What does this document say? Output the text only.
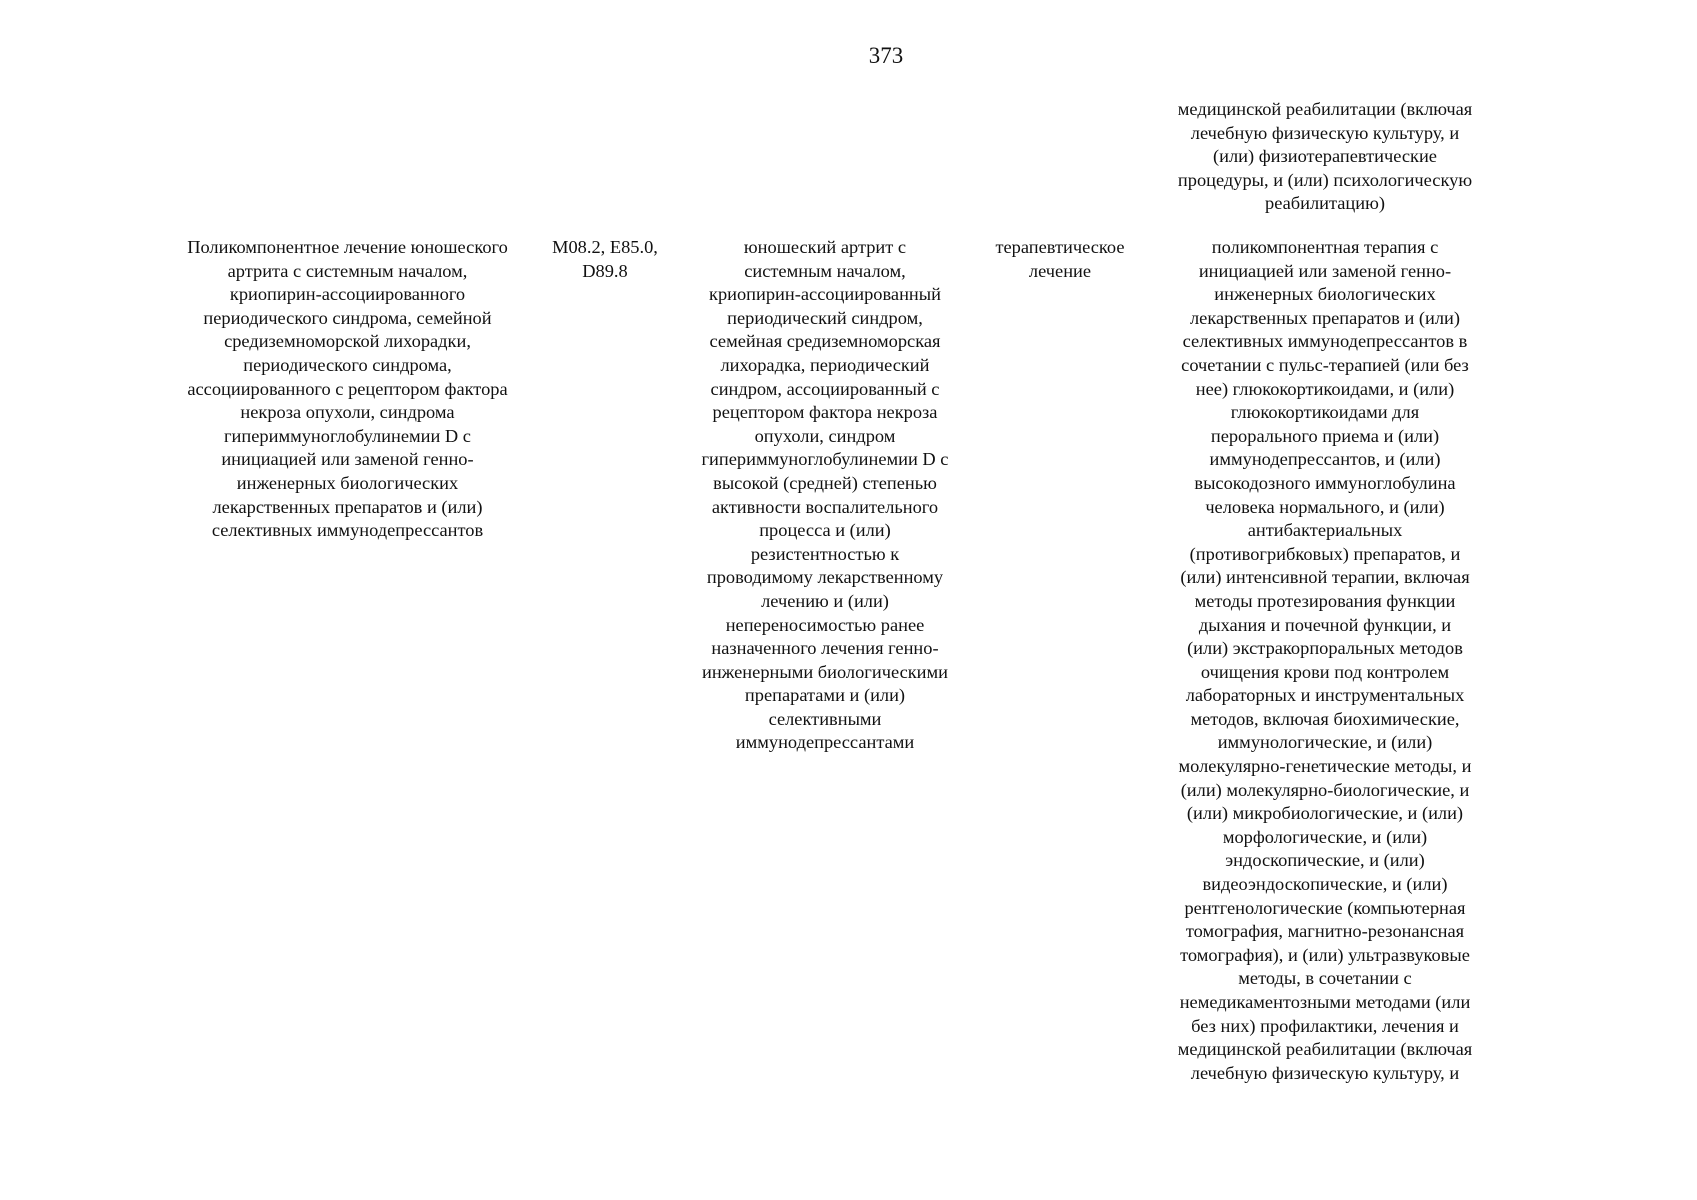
373
медицинской реабилитации (включая
лечебную физическую культуру, и
(или) физиотерапевтические
процедуры, и (или) психологическую
реабилитацию)
Поликомпонентное лечение юношеского
артрита с системным началом,
криопирин-ассоциированного
периодического синдрома, семейной
средиземноморской лихорадки,
периодического синдрома,
ассоциированного с рецептором фактора
некроза опухоли, синдрома
гипериммуноглобулинемии D с
инициацией или заменой генно-
инженерных биологических
лекарственных препаратов и (или)
селективных иммунодепрессантов
M08.2, E85.0,
D89.8
юношеский артрит с
системным началом,
криопирин-ассоциированный
периодический синдром,
семейная средиземноморская
лихорадка, периодический
синдром, ассоциированный с
рецептором фактора некроза
опухоли, синдром
гипериммуноглобулинемии D с
высокой (средней) степенью
активности воспалительного
процесса и (или)
резистентностью к
проводимому лекарственному
лечению и (или)
непереносимостью ранее
назначенного лечения генно-
инженерными биологическими
препаратами и (или)
селективными
иммунодепрессантами
терапевтическое
лечение
поликомпонентная терапия с
инициацией или заменой генно-
инженерных биологических
лекарственных препаратов и (или)
селективных иммунодепрессантов в
сочетании с пульс-терапией (или без
нее) глюкокортикоидами, и (или)
глюкокортикоидами для
перорального приема и (или)
иммунодепрессантов, и (или)
высокодозного иммуноглобулина
человека нормального, и (или)
антибактериальных
(противогрибковых) препаратов, и
(или) интенсивной терапии, включая
методы протезирования функции
дыхания и почечной функции, и
(или) экстракорпоральных методов
очищения крови под контролем
лабораторных и инструментальных
методов, включая биохимические,
иммунологические, и (или)
молекулярно-генетические методы, и
(или) молекулярно-биологические, и
(или) микробиологические, и (или)
морфологические, и (или)
эндоскопические, и (или)
видеоэндоскопические, и (или)
рентгенологические (компьютерная
томография, магнитно-резонансная
томография), и (или) ультразвуковые
методы, в сочетании с
немедикаментозными методами (или
без них) профилактики, лечения и
медицинской реабилитации (включая
лечебную физическую культуру, и
